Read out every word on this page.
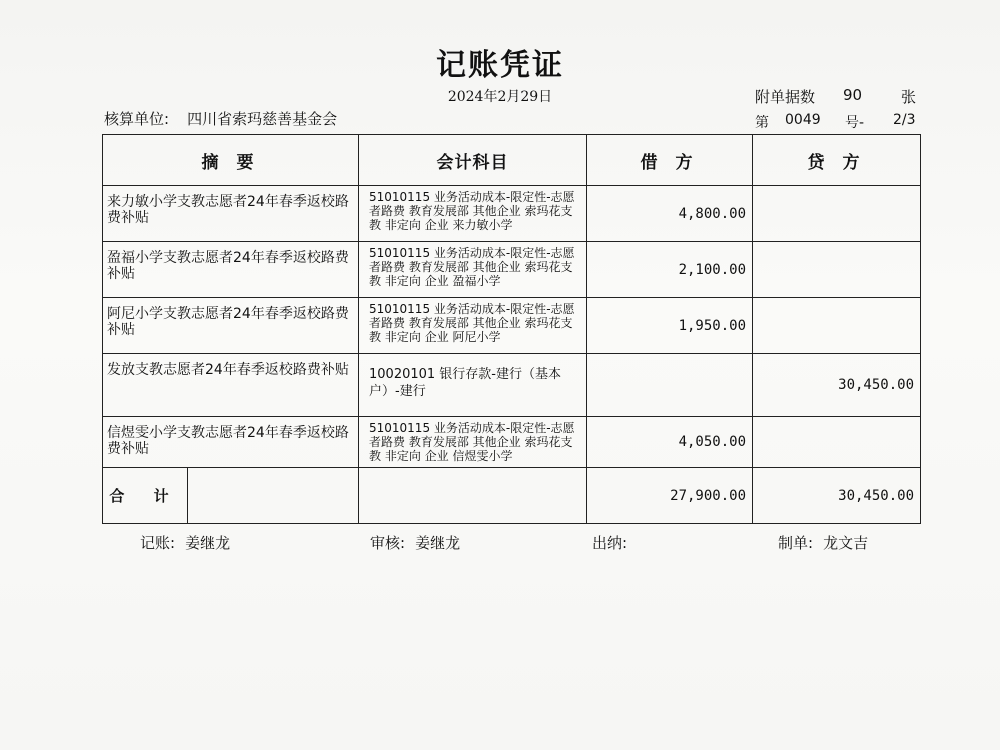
记账凭证
2024年2月29日
核算单位: 四川省索玛慈善基金会
附单据数 90	张
第 0049 号- 2/3
摘 要	会计科目	借 方	贷 方

来力敏小学支教志愿者24年春季返校路费补贴	51010115 业务活动成本-限定性-志愿者路费 教育发展部 其他企业 索玛花支教 非定向 企业 来力敏小学	4,800.00	

盈福小学支教志愿者24年春季返校路费补贴	51010115 业务活动成本-限定性-志愿者路费 教育发展部 其他企业 索玛花支教 非定向 企业 盈福小学	2,100.00	

阿尼小学支教志愿者24年春季返校路费补贴	51010115 业务活动成本-限定性-志愿者路费 教育发展部 其他企业 索玛花支教 非定向 企业 阿尼小学	1,950.00	

发放支教志愿者24年春季返校路费补贴	10020101 银行存款-建行（基本户）-建行		30,450.00

信煜雯小学支教志愿者24年春季返校路费补贴	51010115 业务活动成本-限定性-志愿者路费 教育发展部 其他企业 索玛花支教 非定向 企业 信煜雯小学	4,050.00	

合 计		27,900.00	30,450.00
记账: 姜继龙	审核: 姜继龙	出纳:	制单: 龙文吉
